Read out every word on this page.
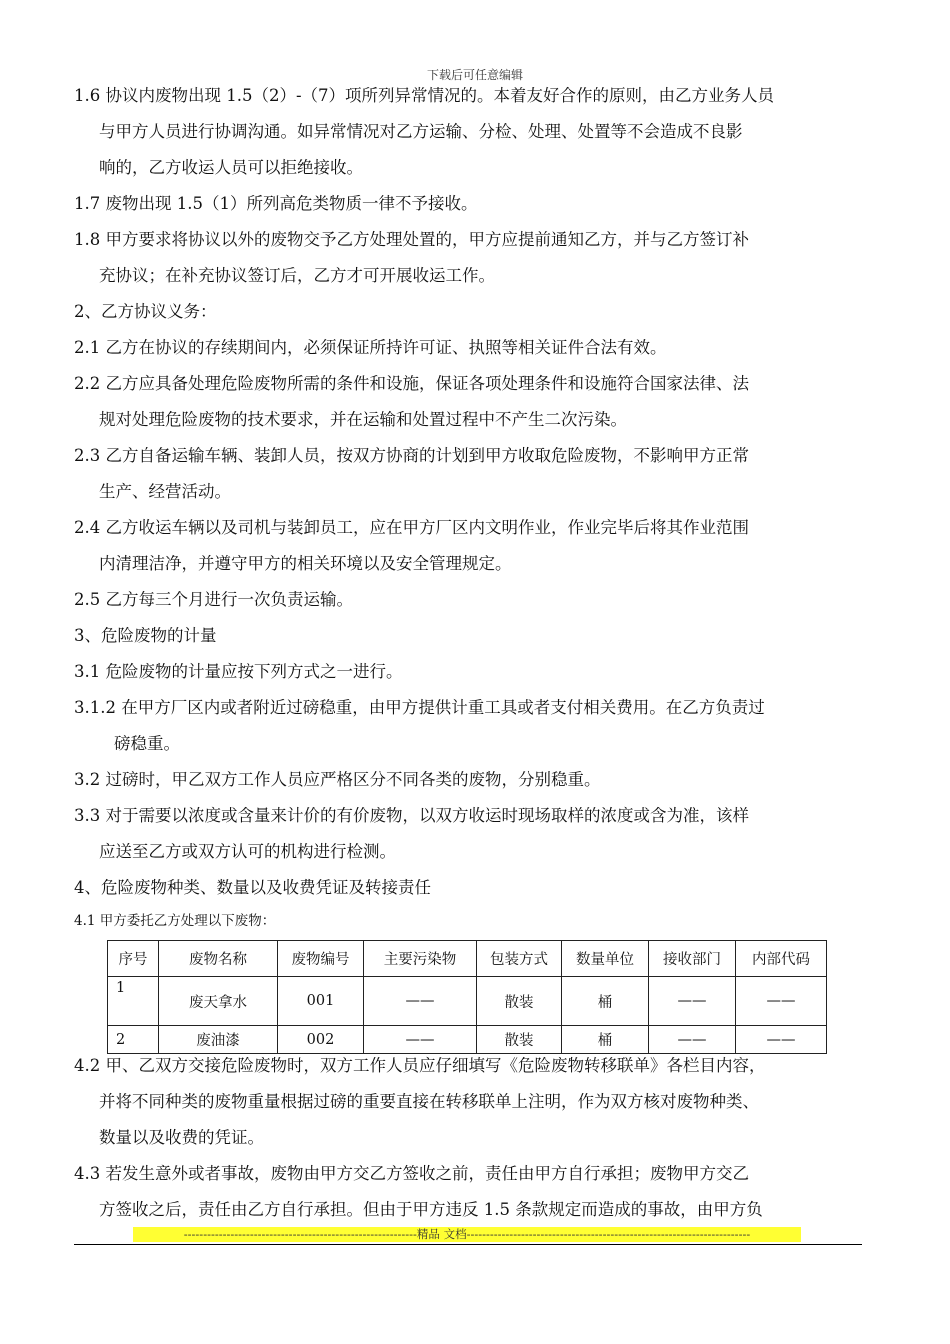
下载后可任意编辑

1.6 协议内废物出现 1.5（2）-（7）项所列异常情况的。本着友好合作的原则，由乙方业务人员

与甲方人员进行协调沟通。如异常情况对乙方运输、分检、处理、处置等不会造成不良影

响的，乙方收运人员可以拒绝接收。

1.7 废物出现 1.5（1）所列高危类物质一律不予接收。

1.8 甲方要求将协议以外的废物交予乙方处理处置的，甲方应提前通知乙方，并与乙方签订补

充协议；在补充协议签订后，乙方才可开展收运工作。

2、乙方协议义务：

2.1 乙方在协议的存续期间内，必须保证所持许可证、执照等相关证件合法有效。

2.2 乙方应具备处理危险废物所需的条件和设施，保证各项处理条件和设施符合国家法律、法

规对处理危险废物的技术要求，并在运输和处置过程中不产生二次污染。

2.3 乙方自备运输车辆、装卸人员，按双方协商的计划到甲方收取危险废物，不影响甲方正常

生产、经营活动。

2.4 乙方收运车辆以及司机与装卸员工，应在甲方厂区内文明作业，作业完毕后将其作业范围

内清理洁净，并遵守甲方的相关环境以及安全管理规定。

2.5 乙方每三个月进行一次负责运输。

3、危险废物的计量

3.1 危险废物的计量应按下列方式之一进行。

3.1.2 在甲方厂区内或者附近过磅稳重，由甲方提供计重工具或者支付相关费用。在乙方负责过

磅稳重。

3.2 过磅时，甲乙双方工作人员应严格区分不同各类的废物，分别稳重。

3.3 对于需要以浓度或含量来计价的有价废物，以双方收运时现场取样的浓度或含为准，该样

应送至乙方或双方认可的机构进行检测。

4、危险废物种类、数量以及收费凭证及转接责任

4.1 甲方委托乙方处理以下废物：

序号	废物名称	废物编号	主要污染物	包装方式	数量单位	接收部门	内部代码
1	废天拿水	001	——	散装	桶	——	——
2	废油漆	002	——	散装	桶	——	——

4.2 甲、乙双方交接危险废物时，双方工作人员应仔细填写《危险废物转移联单》各栏目内容，

并将不同种类的废物重量根据过磅的重要直接在转移联单上注明，作为双方核对废物种类、

数量以及收费的凭证。

4.3 若发生意外或者事故，废物由甲方交乙方签收之前，责任由甲方自行承担；废物甲方交乙

方签收之后，责任由乙方自行承担。但由于甲方违反 1.5 条款规定而造成的事故，由甲方负

------------------------------------------------------------精品 文档-------------------------------------------------------------------------
